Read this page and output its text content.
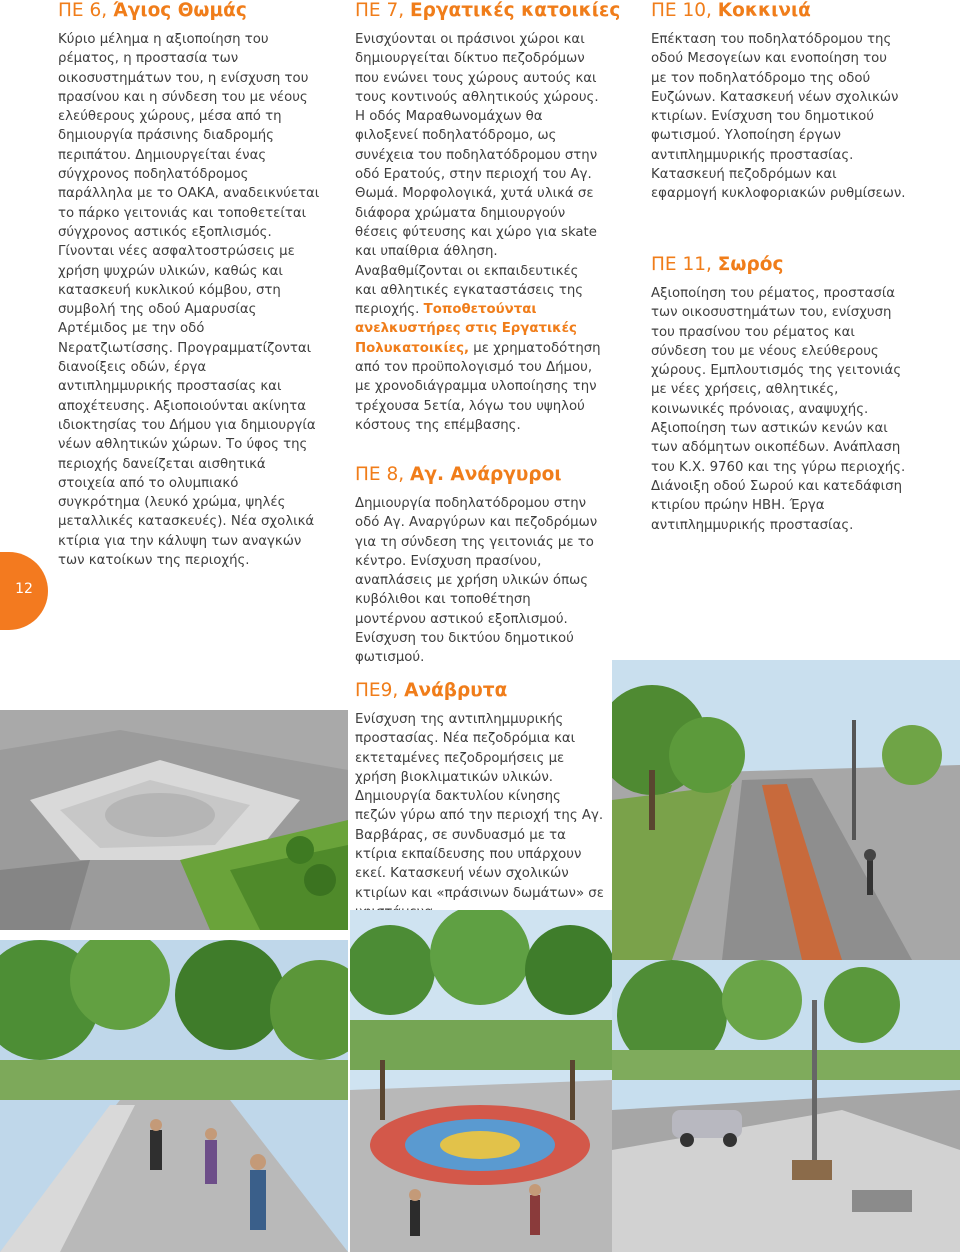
ΠΕ 6, Άγιος Θωμάς

Κύριο μέλημα η αξιοποίηση του ρέματος, η προστασία των οικοσυστημάτων του, η ενίσχυση του πρασίνου και η σύνδεση του με νέους ελεύθερους χώρους, μέσα από τη δημιουργία πράσινης διαδρομής περιπάτου. Δημιουργείται ένας σύγχρονος ποδηλατόδρομος παράλληλα με το ΟΑΚΑ, αναδεικνύεται το πάρκο γειτονιάς και τοποθετείται σύγχρονος αστικός εξοπλισμός. Γίνονται νέες ασφαλτοστρώσεις με χρήση ψυχρών υλικών, καθώς και κατασκευή κυκλικού κόμβου, στη συμβολή της οδού Αμαρυσίας Αρτέμιδος με την οδό Νερατζιωτίσσης. Προγραμματίζονται διανοίξεις οδών, έργα αντιπλημμυρικής προστασίας και αποχέτευσης. Αξιοποιούνται ακίνητα ιδιοκτησίας του Δήμου για δημιουργία νέων αθλητικών χώρων. Το ύφος της περιοχής δανείζεται αισθητικά στοιχεία από το ολυμπιακό συγκρότημα (λευκό χρώμα, ψηλές μεταλλικές κατασκευές). Νέα σχολικά κτίρια για την κάλυψη των αναγκών των κατοίκων της περιοχής.

12
ΠΕ 7, Εργατικές κατοικίες

Ενισχύονται οι πράσινοι χώροι και δημιουργείται δίκτυο πεζοδρόμων που ενώνει τους χώρους αυτούς και τους κοντινούς αθλητικούς χώρους. Η οδός Μαραθωνομάχων θα φιλοξενεί ποδηλατόδρομο, ως συνέχεια του ποδηλατόδρομου στην οδό Ερατούς, στην περιοχή του Αγ. Θωμά. Μορφολογικά, χυτά υλικά σε διάφορα χρώματα δημιουργούν θέσεις φύτευσης και χώρο για skate και υπαίθρια άθληση. Αναβαθμίζονται οι εκπαιδευτικές και αθλητικές εγκαταστάσεις της περιοχής. Τοποθετούνται ανελκυστήρες στις Εργατικές Πολυκατοικίες, με χρηματοδότηση από τον προϋπολογισμό του Δήμου, με χρονοδιάγραμμα υλοποίησης την τρέχουσα 5ετία, λόγω του υψηλού κόστους της επέμβασης.

ΠΕ 8, Αγ. Ανάργυροι

Δημιουργία ποδηλατόδρομου στην οδό Αγ. Αναργύρων και πεζοδρόμων για τη σύνδεση της γειτονιάς με το κέντρο. Ενίσχυση πρασίνου, αναπλάσεις με χρήση υλικών όπως κυβόλιθοι και τοποθέτηση μοντέρνου αστικού εξοπλισμού. Ενίσχυση του δικτύου δημοτικού φωτισμού.

ΠΕ 10, Κοκκινιά

Επέκταση του ποδηλατόδρομου της οδού Μεσογείων και ενοποίηση του με τον ποδηλατόδρομο της οδού Ευζώνων. Κατασκευή νέων σχολικών κτιρίων. Ενίσχυση του δημοτικού φωτισμού. Υλοποίηση έργων αντιπλημμυρικής προστασίας. Κατασκευή πεζοδρόμων και εφαρμογή κυκλοφοριακών ρυθμίσεων.

ΠΕ 11, Σωρός

Αξιοποίηση του ρέματος, προστασία των οικοσυστημάτων του, ενίσχυση του πρασίνου του ρέματος και σύνδεση του με νέους ελεύθερους χώρους. Εμπλουτισμός της γειτονιάς με νέες χρήσεις, αθλητικές, κοινωνικές πρόνοιας, αναψυχής. Αξιοποίηση των αστικών κενών και των αδόμητων οικοπέδων. Ανάπλαση του Κ.Χ. 9760 και της γύρω περιοχής. Διάνοιξη οδού Σωρού και κατεδάφιση κτιρίου πρώην ΗΒΗ. Έργα αντιπλημμυρικής προστασίας.

ΠΕ9, Ανάβρυτα

Ενίσχυση της αντιπλημμυρικής προστασίας. Νέα πεζοδρόμια και εκτεταμένες πεζοδρομήσεις με χρήση βιοκλιματικών υλικών. Δημιουργία δακτυλίου κίνησης πεζών γύρω από την περιοχή της Αγ. Βαρβάρας, σε συνδυασμό με τα κτίρια εκπαίδευσης που υπάρχουν εκεί. Κατασκευή νέων σχολικών κτιρίων και «πράσινων δωμάτων» σε
